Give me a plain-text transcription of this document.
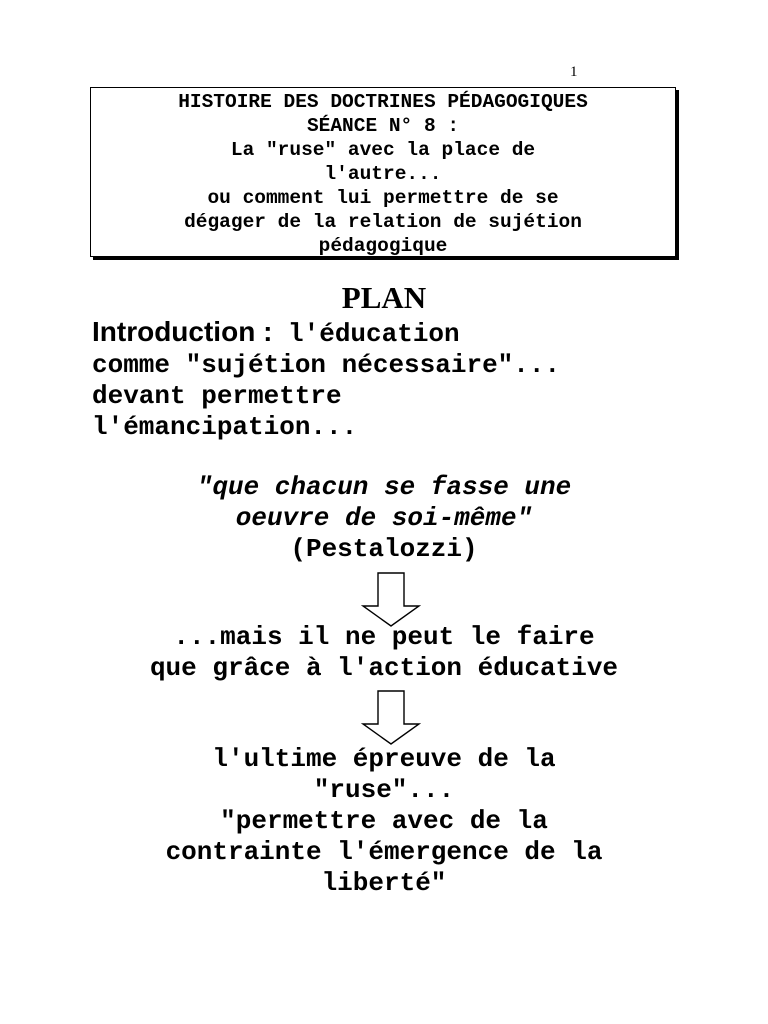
1
HISTOIRE DES DOCTRINES PÉDAGOGIQUES
SÉANCE N° 8 :
La "ruse" avec la place de
l'autre...
ou comment lui permettre de se
dégager de la relation de sujétion
pédagogique
PLAN
Introduction : l'éducation
comme "sujétion nécessaire"...
devant permettre
l'émancipation...
"que chacun se fasse une
oeuvre de soi-même"
(Pestalozzi)
...mais il ne peut le faire
que grâce à l'action éducative
l'ultime épreuve de la
"ruse"...
"permettre avec de la
contrainte l'émergence de la
liberté"
